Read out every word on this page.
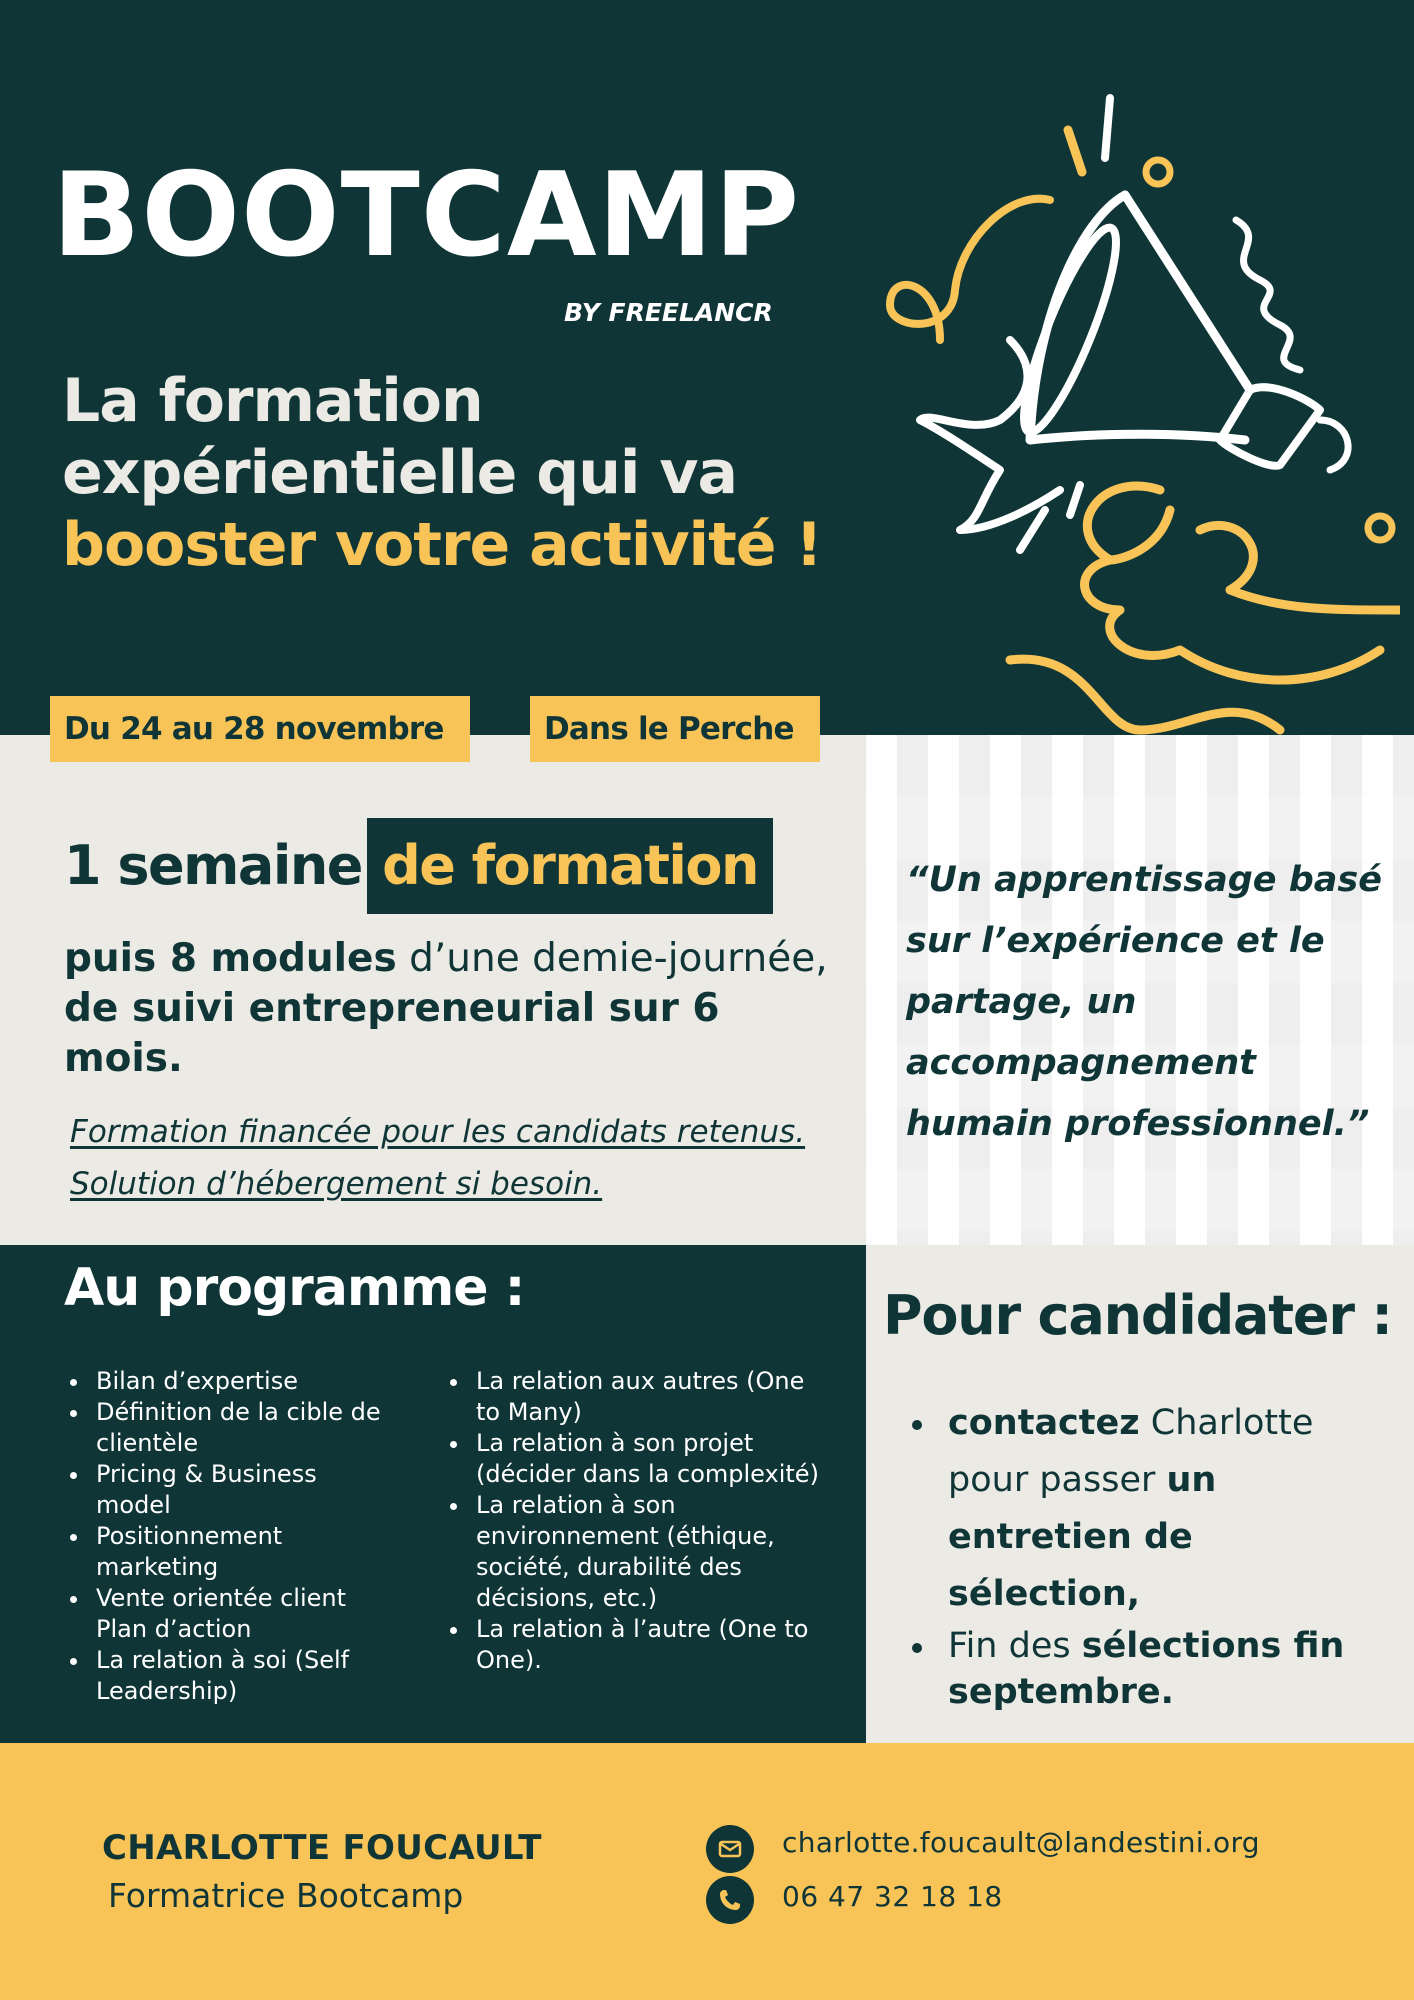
BOOTCAMP
BY FREELANCR
La formation
expérientielle qui va
booster votre activité !
Du 24 au 28 novembre	Dans le Perche
1 semaine de formation
puis 8 modules d’une demie-journée, de suivi entrepreneurial sur 6 mois.
Formation financée pour les candidats retenus. Solution d’hébergement si besoin.
“Un apprentissage basé sur l’expérience et le partage, un accompagnement humain professionnel.”
Au programme :
Bilan d’expertise
Définition de la cible de clientèle
Pricing & Business model
Positionnement marketing
Vente orientée client
Plan d’action
La relation à soi (Self Leadership)
La relation aux autres (One to Many)
La relation à son projet (décider dans la complexité)
La relation à son environnement (éthique, société, durabilité des décisions, etc.)
La relation à l’autre (One to One).
Pour candidater :
contactez Charlotte pour passer un entretien de sélection,
Fin des sélections fin septembre.
CHARLOTTE FOUCAULT
Formatrice Bootcamp
charlotte.foucault@landestini.org
06 47 32 18 18
